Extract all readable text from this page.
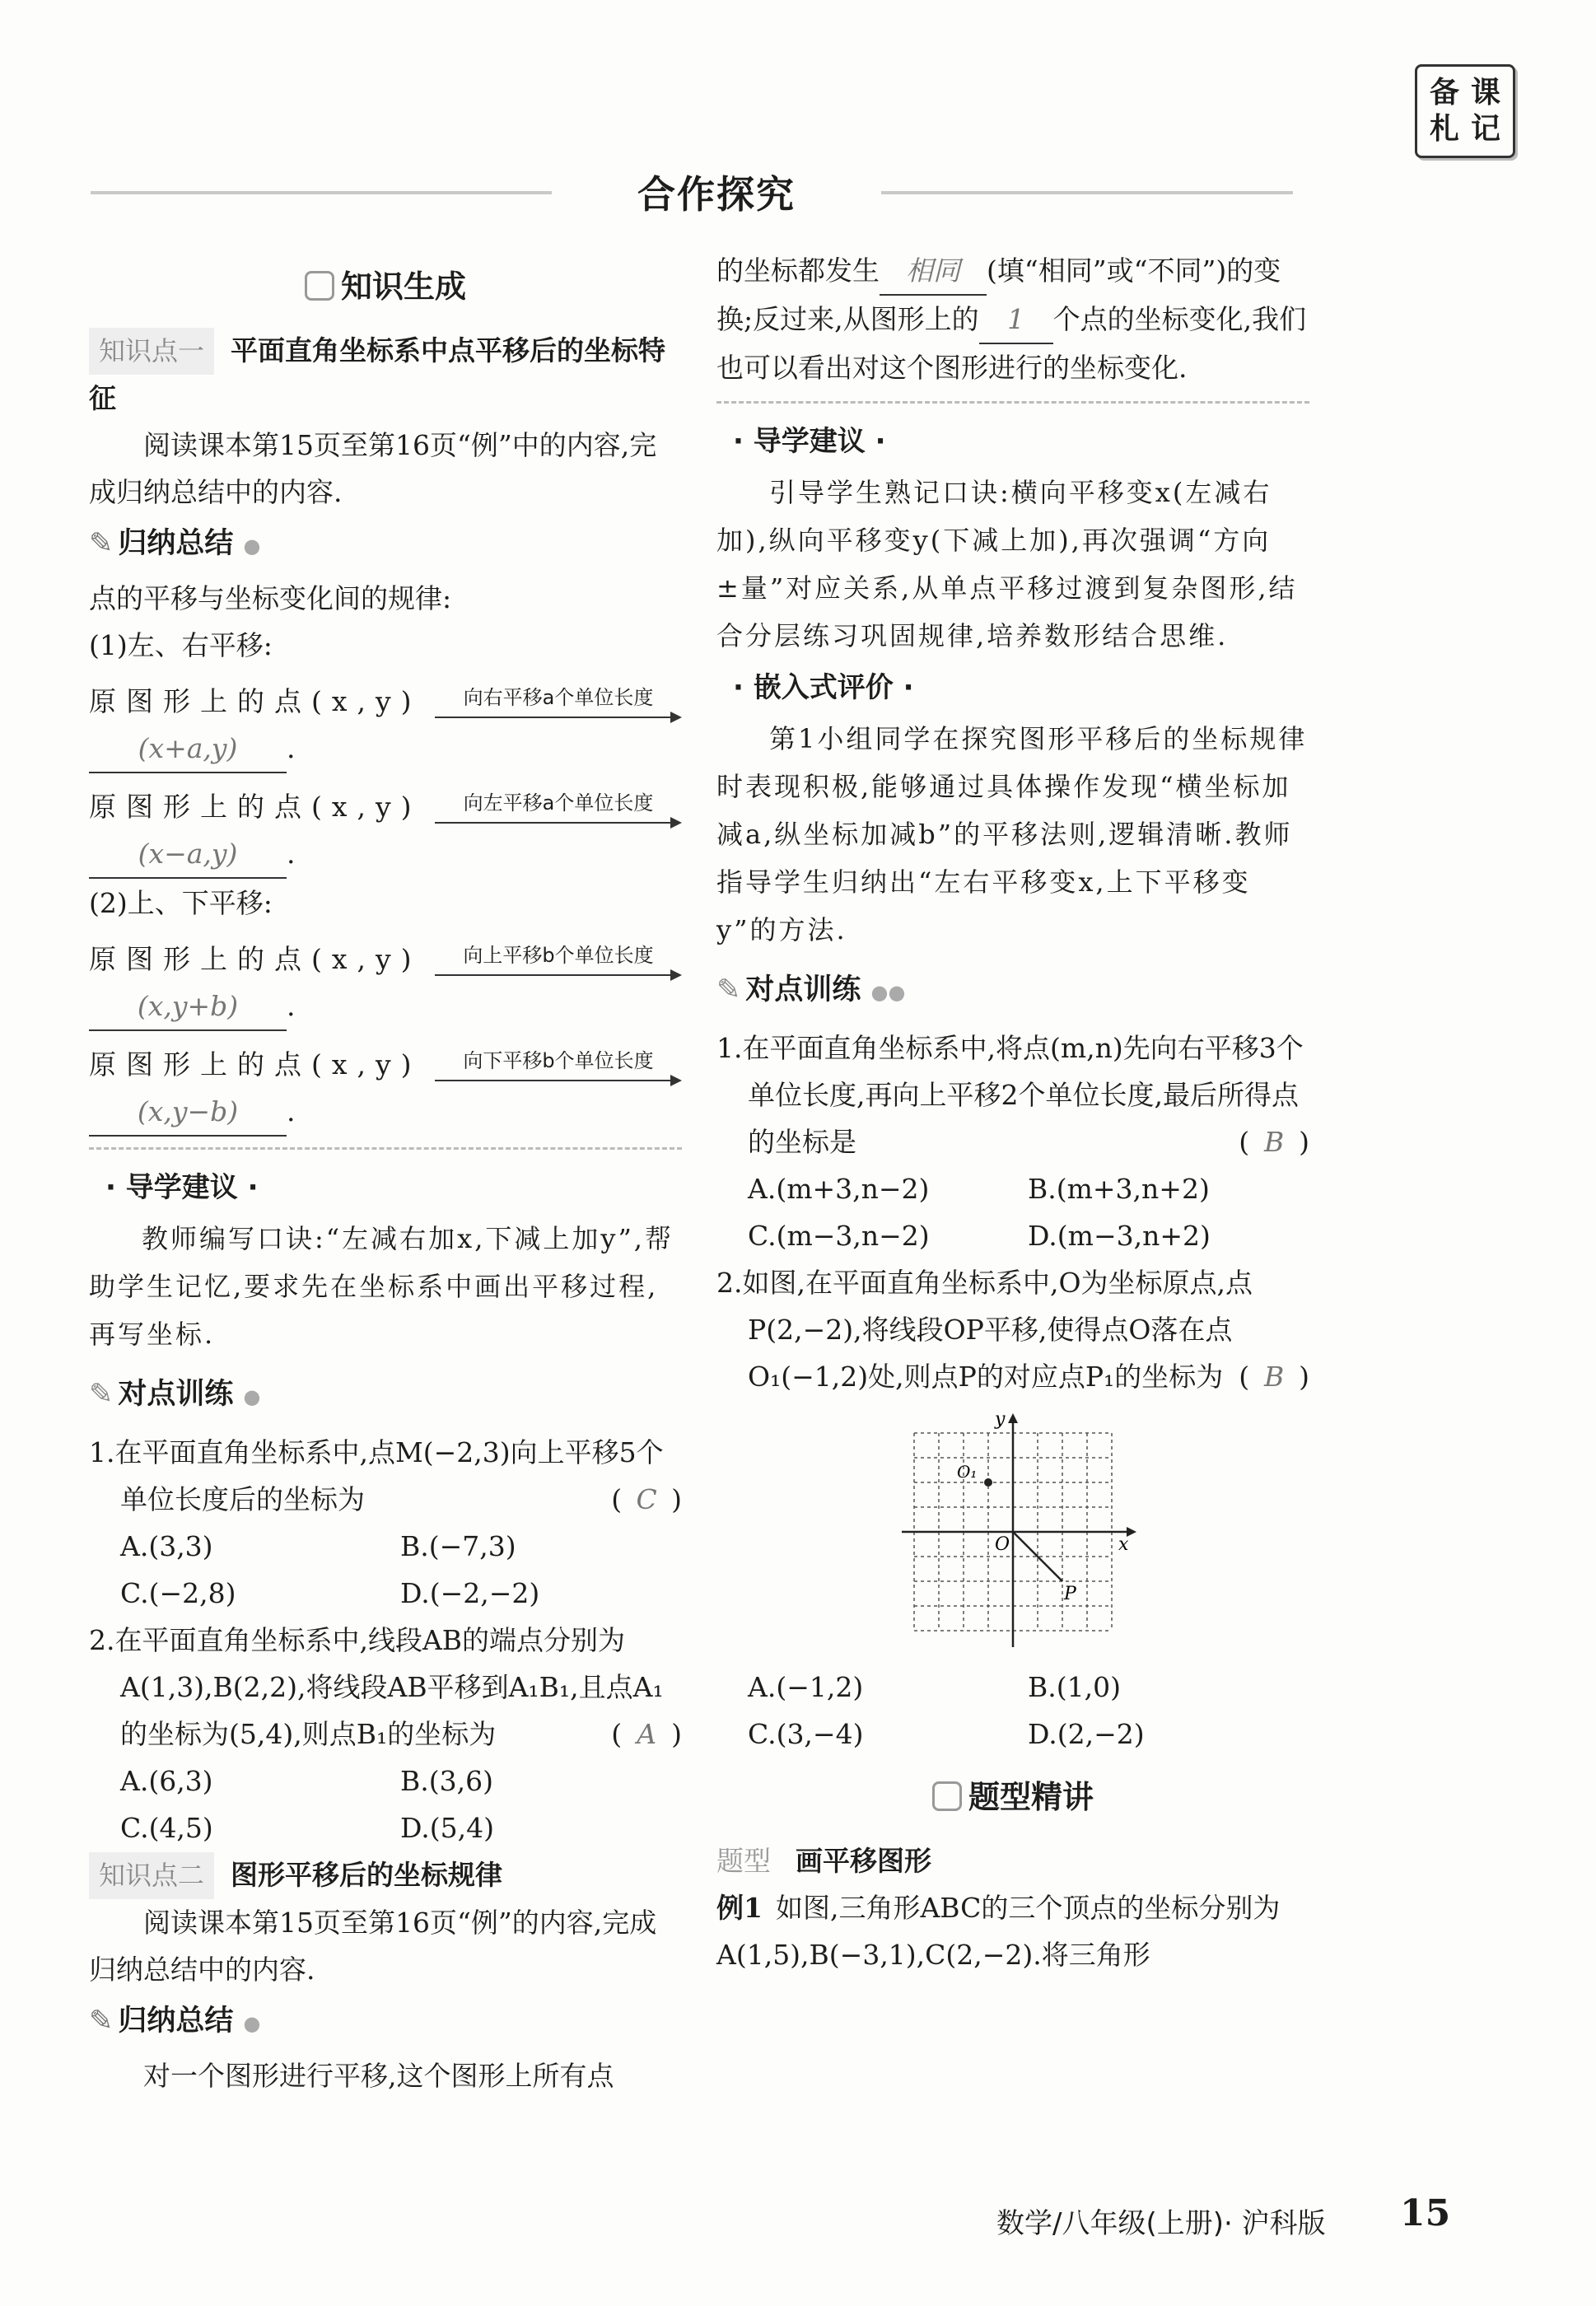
备 课
札 记
合作探究
知识生成
知识点一 平面直角坐标系中点平移后的坐标特征
阅读课本第15页至第16页“例”中的内容,完成归纳总结中的内容.
✎ 归纳总结 ●
点的平移与坐标变化间的规律:
(1)左、右平移:
原图形上的点(x,y)	向右平移a个单位长度
(x+a,y) .
原图形上的点(x,y)	向左平移a个单位长度
(x−a,y) .
(2)上、下平移:
原图形上的点(x,y)	向上平移b个单位长度
(x,y+b) .
原图形上的点(x,y)	向下平移b个单位长度
(x,y−b) .
· 导学建议 ·
教师编写口诀:“左减右加x,下减上加y”,帮助学生记忆,要求先在坐标系中画出平移过程,再写坐标.
✎ 对点训练 ●
1.在平面直角坐标系中,点M(−2,3)向上平移5个单位长度后的坐标为	( C )
A.(3,3)	B.(−7,3)
C.(−2,8)	D.(−2,−2)
2.在平面直角坐标系中,线段AB的端点分别为A(1,3),B(2,2),将线段AB平移到A₁B₁,且点A₁的坐标为(5,4),则点B₁的坐标为	( A )
A.(6,3)	B.(3,6)
C.(4,5)	D.(5,4)
知识点二 图形平移后的坐标规律
阅读课本第15页至第16页“例”的内容,完成归纳总结中的内容.
✎ 归纳总结 ●
对一个图形进行平移,这个图形上所有点
的坐标都发生 相同 (填“相同”或“不同”)的变换;反过来,从图形上的 1 个点的坐标变化,我们也可以看出对这个图形进行的坐标变化.
· 导学建议 ·
引导学生熟记口诀:横向平移变x(左减右加),纵向平移变y(下减上加),再次强调“方向±量”对应关系,从单点平移过渡到复杂图形,结合分层练习巩固规律,培养数形结合思维.
· 嵌入式评价 ·
第1小组同学在探究图形平移后的坐标规律时表现积极,能够通过具体操作发现“横坐标加减a,纵坐标加减b”的平移法则,逻辑清晰.教师指导学生归纳出“左右平移变x,上下平移变y”的方法.
✎ 对点训练 ●●
1.在平面直角坐标系中,将点(m,n)先向右平移3个单位长度,再向上平移2个单位长度,最后所得点的坐标是	( B )
A.(m+3,n−2)	B.(m+3,n+2)
C.(m−3,n−2)	D.(m−3,n+2)
2.如图,在平面直角坐标系中,O为坐标原点,点P(2,−2),将线段OP平移,使得点O落在点O₁(−1,2)处,则点P的对应点P₁的坐标为 ( B )
y
x
O
O₁
P
A.(−1,2)	B.(1,0)
C.(3,−4)	D.(2,−2)
题型精讲
题型 画平移图形
例1 如图,三角形ABC的三个顶点的坐标分别为A(1,5),B(−3,1),C(2,−2).将三角形
数学/八年级(上册)· 沪科版 15
